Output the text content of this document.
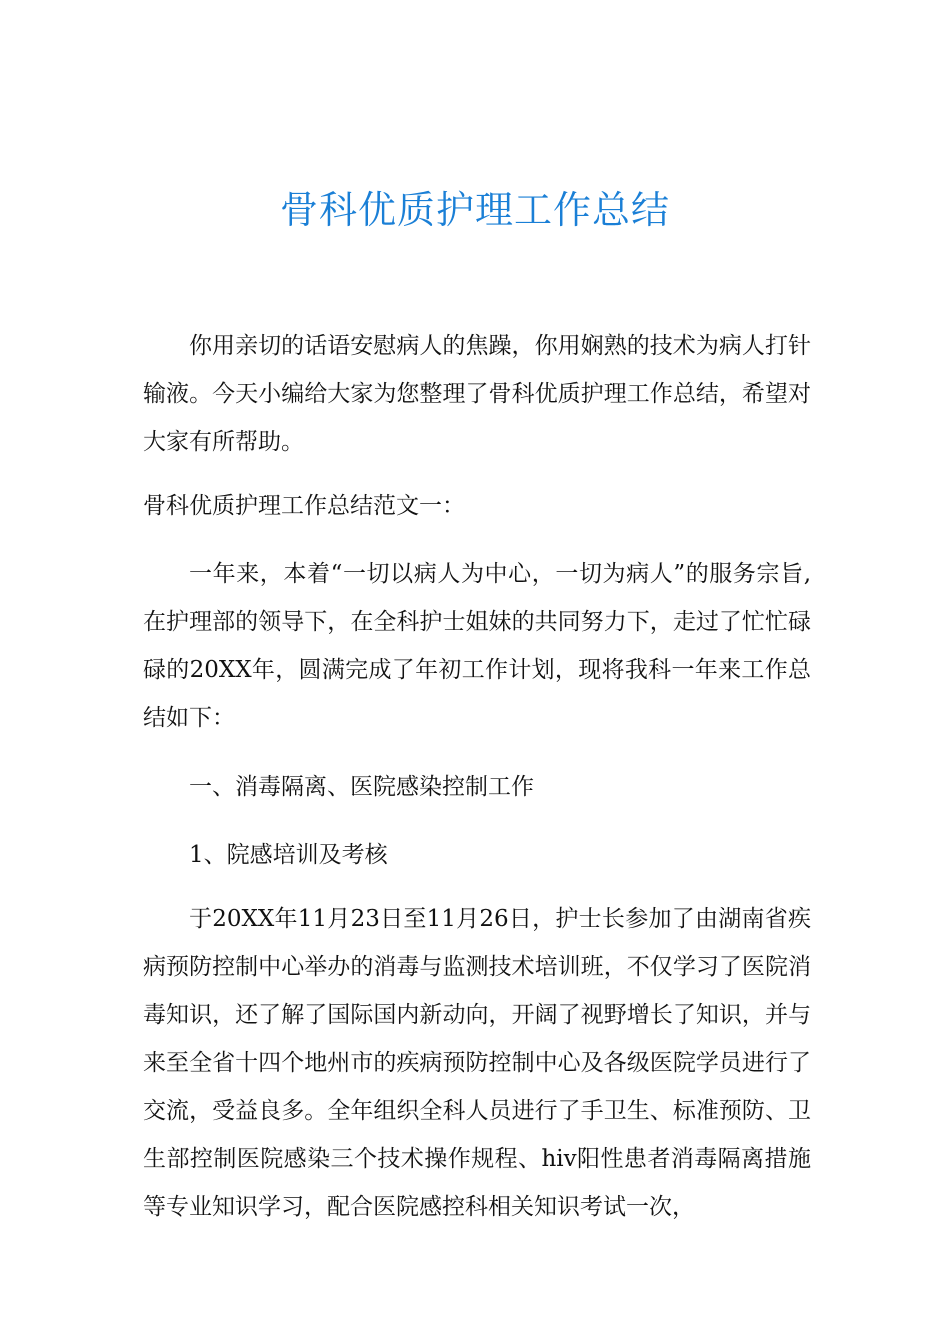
骨科优质护理工作总结

你用亲切的话语安慰病人的焦躁，你用娴熟的技术为病人打针输液。今天小编给大家为您整理了骨科优质护理工作总结，希望对大家有所帮助。

骨科优质护理工作总结范文一：

一年来，本着“一切以病人为中心，一切为病人”的服务宗旨,在护理部的领导下，在全科护士姐妹的共同努力下，走过了忙忙碌碌的20XX年，圆满完成了年初工作计划，现将我科一年来工作总结如下：

一、消毒隔离、医院感染控制工作

1、院感培训及考核

于20XX年11月23日至11月26日，护士长参加了由湖南省疾病预防控制中心举办的消毒与监测技术培训班，不仅学习了医院消毒知识，还了解了国际国内新动向，开阔了视野增长了知识，并与来至全省十四个地州市的疾病预防控制中心及各级医院学员进行了交流，受益良多。全年组织全科人员进行了手卫生、标准预防、卫生部控制医院感染三个技术操作规程、hiv阳性患者消毒隔离措施等专业知识学习，配合医院感控科相关知识考试一次，
